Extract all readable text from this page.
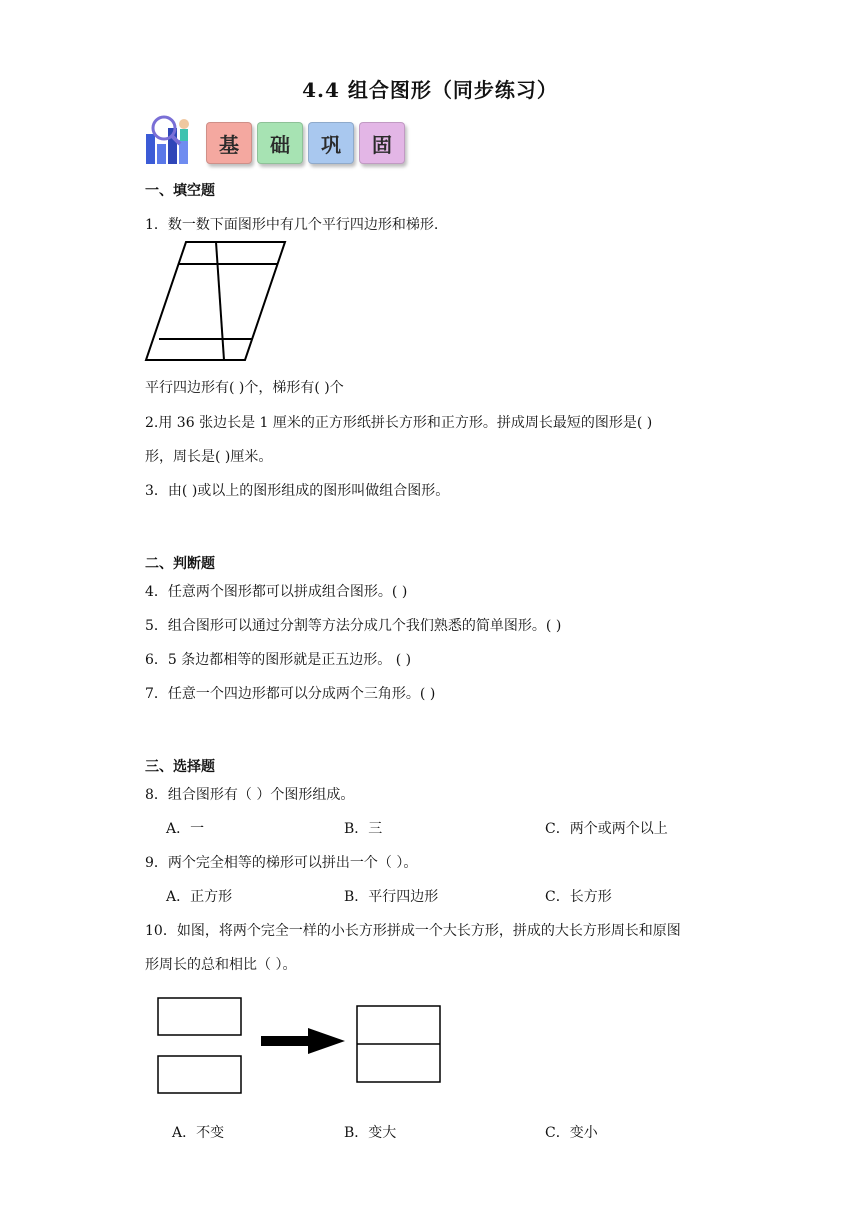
4.4 组合图形（同步练习）
基	础	巩	固
一、填空题
1．数一数下面图形中有几个平行四边形和梯形.
平行四边形有( )个，梯形有( )个
2.用 36 张边长是 1 厘米的正方形纸拼长方形和正方形。拼成周长最短的图形是( )
形，周长是( )厘米。
3．由( )或以上的图形组成的图形叫做组合图形。
二、判断题
4．任意两个图形都可以拼成组合图形。( )
5．组合图形可以通过分割等方法分成几个我们熟悉的简单图形。( )
6．5 条边都相等的图形就是正五边形。 ( )
7．任意一个四边形都可以分成两个三角形。( )
三、选择题
8．组合图形有（ ）个图形组成。
A．一	B．三	C．两个或两个以上
9．两个完全相等的梯形可以拼出一个（ ）。
A．正方形	B．平行四边形	C．长方形
10．如图，将两个完全一样的小长方形拼成一个大长方形，拼成的大长方形周长和原图
形周长的总和相比（ ）。
A．不变	B．变大	C．变小
